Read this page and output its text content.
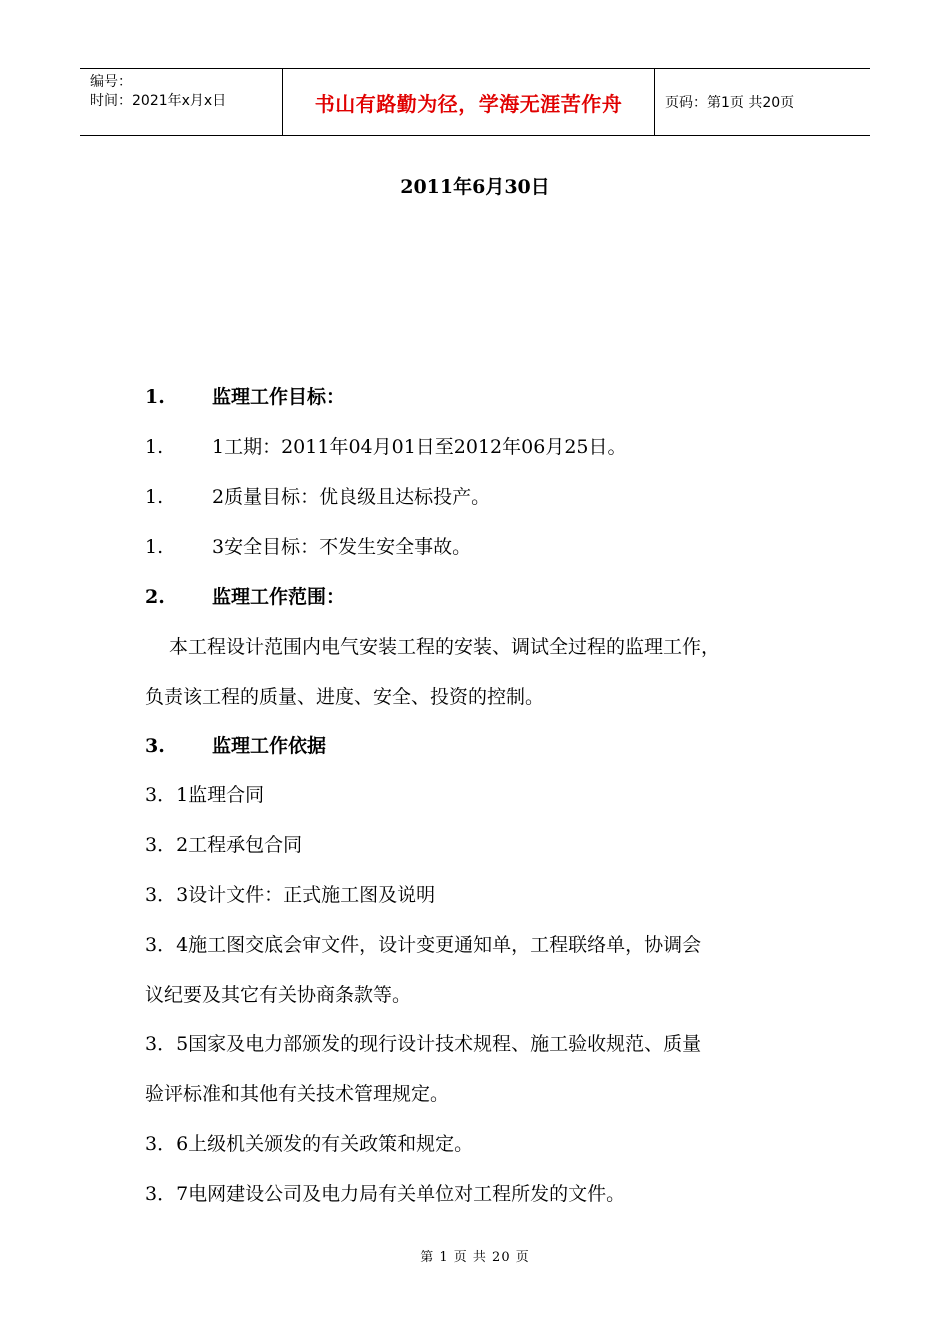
编号：
时间：2021年x月x日	书山有路勤为径，学海无涯苦作舟	页码：第1页 共20页
2011年6月30日
1. 监理工作目标：
1.	1工期：2011年04月01日至2012年06月25日。
1.	2质量目标：优良级且达标投产。
1.	3安全目标：不发生安全事故。
2. 监理工作范围：
本工程设计范围内电气安装工程的安装、调试全过程的监理工作，
负责该工程的质量、进度、安全、投资的控制。
3. 监理工作依据
3．1监理合同
3．2工程承包合同
3．3设计文件：正式施工图及说明
3．4施工图交底会审文件，设计变更通知单，工程联络单，协调会
议纪要及其它有关协商条款等。
3．5国家及电力部颁发的现行设计技术规程、施工验收规范、质量
验评标准和其他有关技术管理规定。
3．6上级机关颁发的有关政策和规定。
3．7电网建设公司及电力局有关单位对工程所发的文件。
第 1 页 共 20 页
